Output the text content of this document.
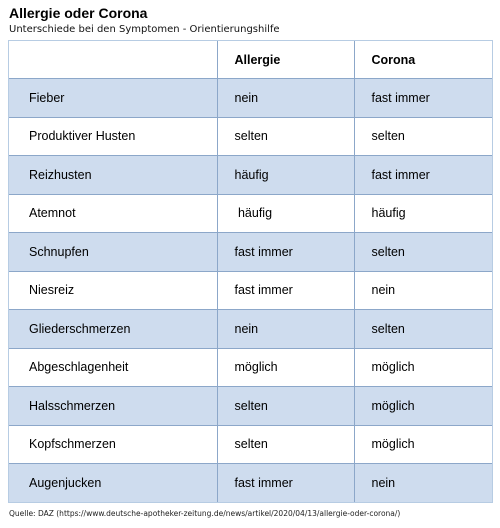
Allergie oder Corona
Unterschiede bei den Symptomen - Orientierungshilfe
	Allergie	Corona
Fieber	nein	fast immer
Produktiver Husten	selten	selten
Reizhusten	häufig	fast immer
Atemnot	häufig	häufig
Schnupfen	fast immer	selten
Niesreiz	fast immer	nein
Gliederschmerzen	nein	selten
Abgeschlagenheit	möglich	möglich
Halsschmerzen	selten	möglich
Kopfschmerzen	selten	möglich
Augenjucken	fast immer	nein
Quelle: DAZ (https://www.deutsche-apotheker-zeitung.de/news/artikel/2020/04/13/allergie-oder-corona/)
